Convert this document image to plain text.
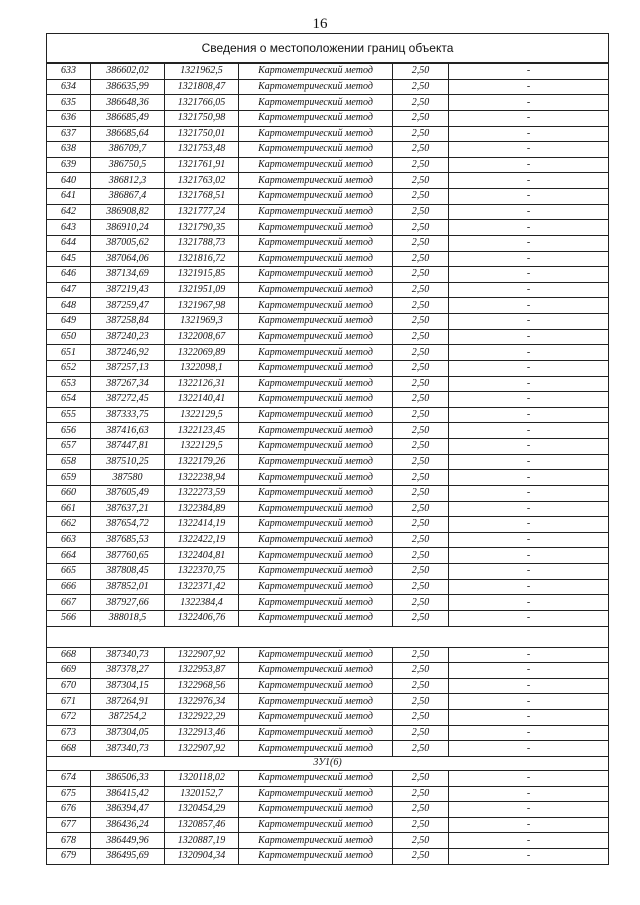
16
Сведения о местоположении границ объекта					
633	386602,02	1321962,5	Картометрический метод	2,50	-
634	386635,99	1321808,47	Картометрический метод	2,50	-
635	386648,36	1321766,05	Картометрический метод	2,50	-
636	386685,49	1321750,98	Картометрический метод	2,50	-
637	386685,64	1321750,01	Картометрический метод	2,50	-
638	386709,7	1321753,48	Картометрический метод	2,50	-
639	386750,5	1321761,91	Картометрический метод	2,50	-
640	386812,3	1321763,02	Картометрический метод	2,50	-
641	386867,4	1321768,51	Картометрический метод	2,50	-
642	386908,82	1321777,24	Картометрический метод	2,50	-
643	386910,24	1321790,35	Картометрический метод	2,50	-
644	387005,62	1321788,73	Картометрический метод	2,50	-
645	387064,06	1321816,72	Картометрический метод	2,50	-
646	387134,69	1321915,85	Картометрический метод	2,50	-
647	387219,43	1321951,09	Картометрический метод	2,50	-
648	387259,47	1321967,98	Картометрический метод	2,50	-
649	387258,84	1321969,3	Картометрический метод	2,50	-
650	387240,23	1322008,67	Картометрический метод	2,50	-
651	387246,92	1322069,89	Картометрический метод	2,50	-
652	387257,13	1322098,1	Картометрический метод	2,50	-
653	387267,34	1322126,31	Картометрический метод	2,50	-
654	387272,45	1322140,41	Картометрический метод	2,50	-
655	387333,75	1322129,5	Картометрический метод	2,50	-
656	387416,63	1322123,45	Картометрический метод	2,50	-
657	387447,81	1322129,5	Картометрический метод	2,50	-
658	387510,25	1322179,26	Картометрический метод	2,50	-
659	387580	1322238,94	Картометрический метод	2,50	-
660	387605,49	1322273,59	Картометрический метод	2,50	-
661	387637,21	1322384,89	Картометрический метод	2,50	-
662	387654,72	1322414,19	Картометрический метод	2,50	-
663	387685,53	1322422,19	Картометрический метод	2,50	-
664	387760,65	1322404,81	Картометрический метод	2,50	-
665	387808,45	1322370,75	Картометрический метод	2,50	-
666	387852,01	1322371,42	Картометрический метод	2,50	-
667	387927,66	1322384,4	Картометрический метод	2,50	-
566	388018,5	1322406,76	Картометрический метод	2,50	-

668	387340,73	1322907,92	Картометрический метод	2,50	-
669	387378,27	1322953,87	Картометрический метод	2,50	-
670	387304,15	1322968,56	Картометрический метод	2,50	-
671	387264,91	1322976,34	Картометрический метод	2,50	-
672	387254,2	1322922,29	Картометрический метод	2,50	-
673	387304,05	1322913,46	Картометрический метод	2,50	-
668	387340,73	1322907,92	Картометрический метод	2,50	-
3У1(6)					
674	386506,33	1320118,02	Картометрический метод	2,50	-
675	386415,42	1320152,7	Картометрический метод	2,50	-
676	386394,47	1320454,29	Картометрический метод	2,50	-
677	386436,24	1320857,46	Картометрический метод	2,50	-
678	386449,96	1320887,19	Картометрический метод	2,50	-
679	386495,69	1320904,34	Картометрический метод	2,50	-
